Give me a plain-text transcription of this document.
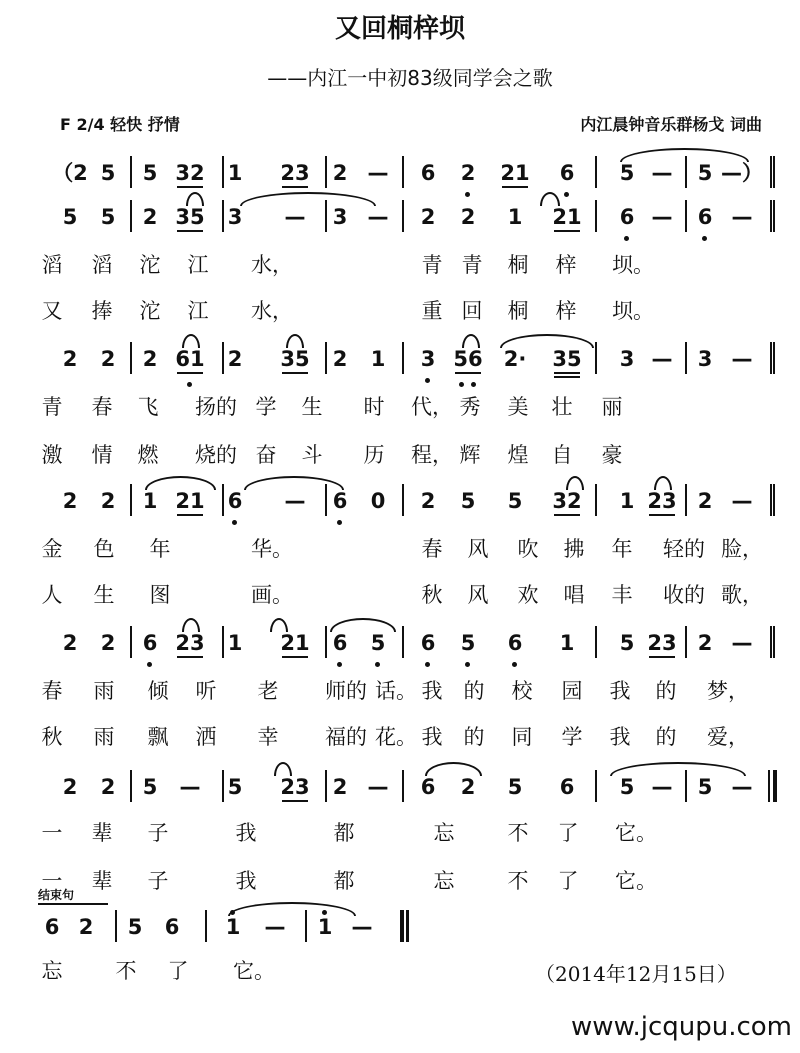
又回桐梓坝
——内江一中初83级同学会之歌
F 2/4 轻快 抒情	内江晨钟音乐群杨戈 词曲
（2 5 5 32 1 23 2 — 6 2 21 6 5 — 5 —）
5 5 2 35 3 — 3 — 2 2 1 21 6 — 6 —
滔 滔 沱 江 水，	青 青 桐 梓 坝。
又 捧 沱 江 水，	重 回 桐 梓 坝。
2 2 2 61 2 35 2 1 3 56 2· 35 3 — 3 —
青 春 飞 扬的 学 生 时 代， 秀 美 壮 丽
激 情 燃 烧的 奋 斗 历 程， 辉 煌 自 豪
2 2 1 21 6 — 6 0 2 5 5 32 1 23 2 —
金 色 年	华。	春 风 吹 拂 年 轻的 脸，
人 生 图	画。	秋 风 欢 唱 丰 收的 歌，
2 2 6 23 1 21 6 5 6 5 6 1 5 23 2 —
春 雨 倾 听 老 师的 话。 我 的 校 园 我 的 梦，
秋 雨 飘 洒 幸 福的 花。 我 的 同 学 我 的 爱，
2 2 5 — 5 23 2 — 6 2 5 6 5 — 5 —
一 辈 子	我	都	忘	不 了 它。
一 辈 子	我	都	忘	不 了 它。
6 2 5 6 1 — 1 —
忘	不 了 它。
结束句
（2014年12月15日）
www.jcqupu.com
